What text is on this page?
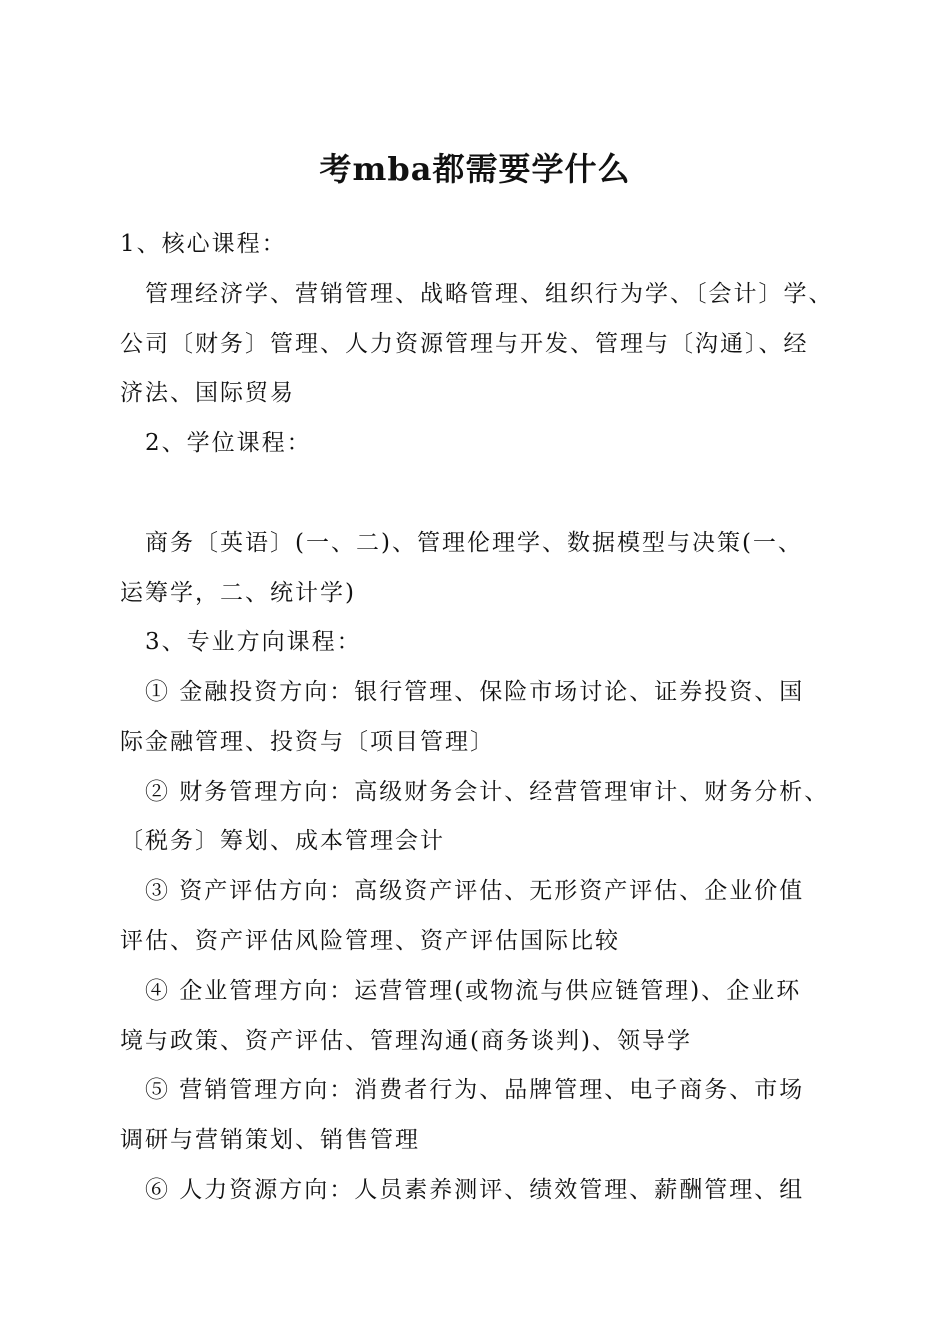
考mba都需要学什么
1、核心课程：
管理经济学、营销管理、战略管理、组织行为学、〔会计〕学、
公司〔财务〕管理、人力资源管理与开发、管理与〔沟通〕、经
济法、国际贸易
2、学位课程：
商务〔英语〕(一、二)、管理伦理学、数据模型与决策(一、
运筹学，二、统计学)
3、专业方向课程：
① 金融投资方向：银行管理、保险市场讨论、证券投资、国
际金融管理、投资与〔项目管理〕
② 财务管理方向：高级财务会计、经营管理审计、财务分析、
〔税务〕筹划、成本管理会计
③ 资产评估方向：高级资产评估、无形资产评估、企业价值
评估、资产评估风险管理、资产评估国际比较
④ 企业管理方向：运营管理(或物流与供应链管理)、企业环
境与政策、资产评估、管理沟通(商务谈判)、领导学
⑤ 营销管理方向：消费者行为、品牌管理、电子商务、市场
调研与营销策划、销售管理
⑥ 人力资源方向：人员素养测评、绩效管理、薪酬管理、组
